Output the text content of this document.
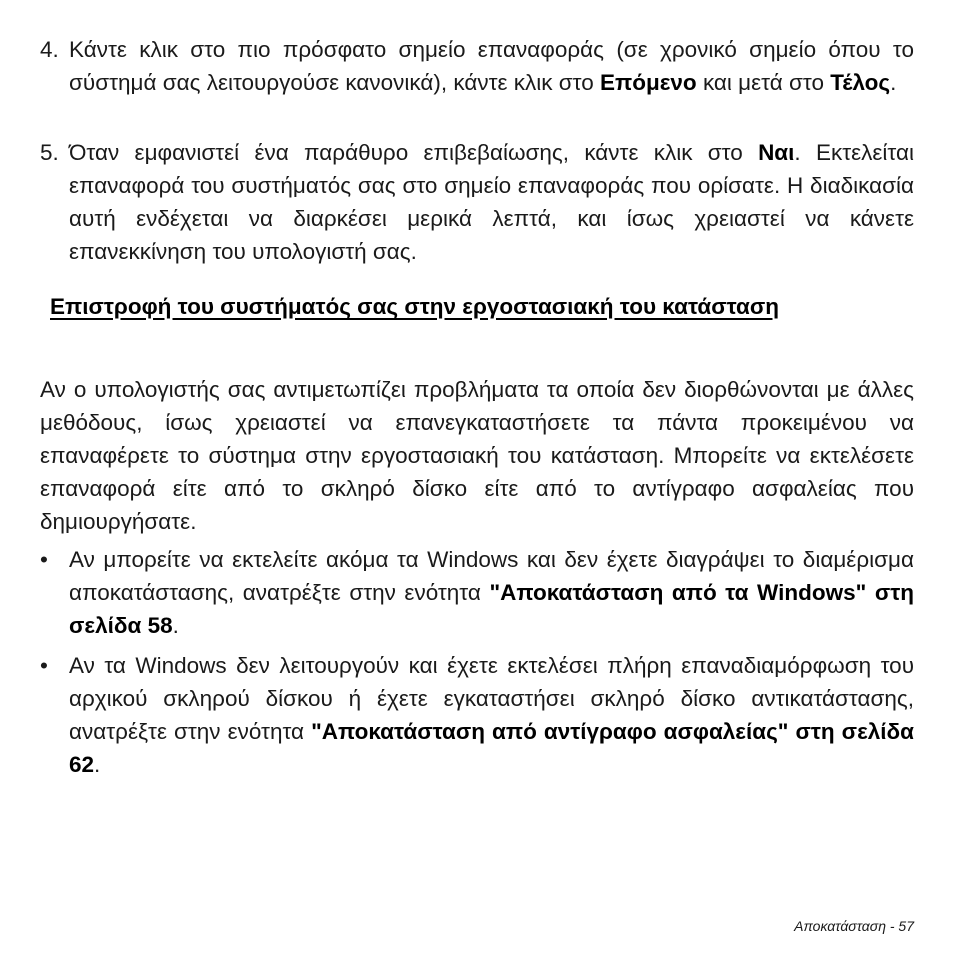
4. Κάντε κλικ στο πιο πρόσφατο σημείο επαναφοράς (σε χρονικό σημείο όπου το σύστημά σας λειτουργούσε κανονικά), κάντε κλικ στο Επόμενο και μετά στο Τέλος.
5. Όταν εμφανιστεί ένα παράθυρο επιβεβαίωσης, κάντε κλικ στο Ναι. Εκτελείται επαναφορά του συστήματός σας στο σημείο επαναφοράς που ορίσατε. Η διαδικασία αυτή ενδέχεται να διαρκέσει μερικά λεπτά, και ίσως χρειαστεί να κάνετε επανεκκίνηση του υπολογιστή σας.
Επιστροφή του συστήματός σας στην εργοστασιακή του κατάσταση
Αν ο υπολογιστής σας αντιμετωπίζει προβλήματα τα οποία δεν διορθώνονται με άλλες μεθόδους, ίσως χρειαστεί να επανεγκαταστήσετε τα πάντα προκειμένου να επαναφέρετε το σύστημα στην εργοστασιακή του κατάσταση. Μπορείτε να εκτελέσετε επαναφορά είτε από το σκληρό δίσκο είτε από το αντίγραφο ασφαλείας που δημιουργήσατε.
• Αν μπορείτε να εκτελείτε ακόμα τα Windows και δεν έχετε διαγράψει το διαμέρισμα αποκατάστασης, ανατρέξτε στην ενότητα "Αποκατάσταση από τα Windows" στη σελίδα 58.
• Αν τα Windows δεν λειτουργούν και έχετε εκτελέσει πλήρη επαναδιαμόρφωση του αρχικού σκληρού δίσκου ή έχετε εγκαταστήσει σκληρό δίσκο αντικατάστασης, ανατρέξτε στην ενότητα "Αποκατάσταση από αντίγραφο ασφαλείας" στη σελίδα 62.
Αποκατάσταση - 57
